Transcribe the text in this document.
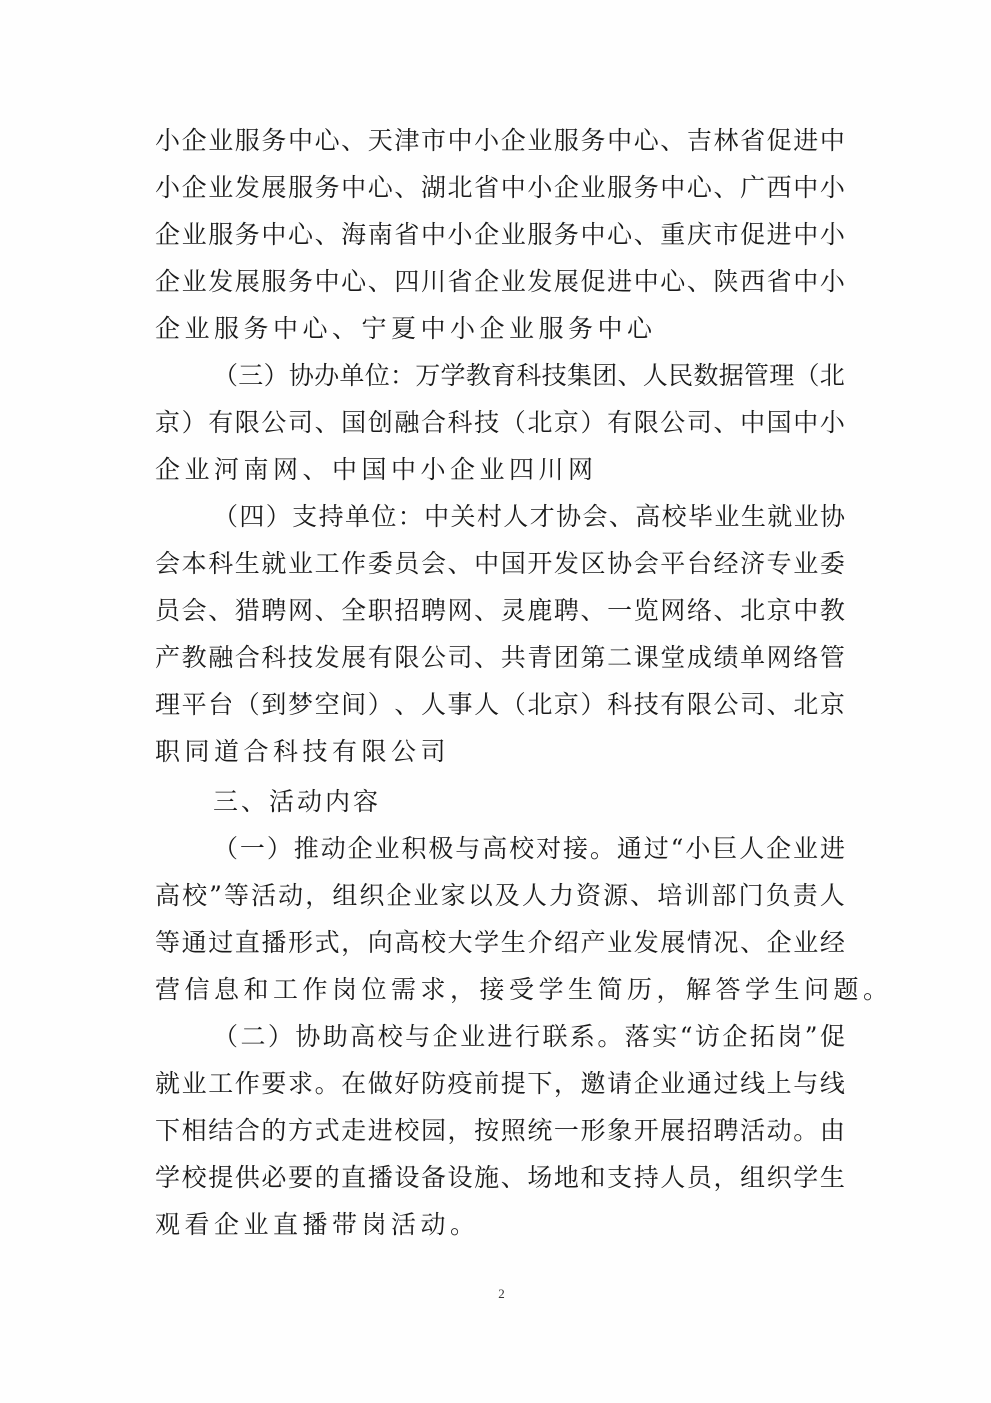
小 企 业 服 务 中 心 、 天 津 市 中 小 企 业 服 务 中 心 、 吉 林 省 促 进 中
小 企 业 发 展 服 务 中 心 、 湖 北 省 中 小 企 业 服 务 中 心 、 广 西 中 小
企 业 服 务 中 心 、 海 南 省 中 小 企 业 服 务 中 心 、 重 庆 市 促 进 中 小
企 业 发 展 服 务 中 心 、 四 川 省 企 业 发 展 促 进 中 心 、 陕 西 省 中 小
企业服务中心、宁夏中小企业服务中心
（ 三 ） 协 办 单 位 ： 万 学 教 育 科 技 集 团 、 人 民 数 据 管 理 （ 北
京 ） 有 限 公 司 、 国 创 融 合 科 技 （ 北 京 ） 有 限 公 司 、 中 国 中 小
企业河南网、中国中小企业四川网
（ 四 ） 支 持 单 位 ： 中 关 村 人 才 协 会 、 高 校 毕 业 生 就 业 协
会 本 科 生 就 业 工 作 委 员 会 、 中 国 开 发 区 协 会 平 台 经 济 专 业 委
员 会 、 猎 聘 网 、 全 职 招 聘 网 、 灵 鹿 聘 、 一 览 网 络 、 北 京 中 教
产 教 融 合 科 技 发 展 有 限 公 司 、 共 青 团 第 二 课 堂 成 绩 单 网 络 管
理 平 台 （ 到 梦 空 间 ） 、 人 事 人 （ 北 京 ） 科 技 有 限 公 司 、 北 京
职同道合科技有限公司
三、活动内容
（ 一 ） 推 动 企 业 积 极 与 高 校 对 接 。 通 过 “ 小 巨 人 企 业 进
高 校 ” 等 活 动 ， 组 织 企 业 家 以 及 人 力 资 源 、 培 训 部 门 负 责 人
等 通 过 直 播 形 式 ， 向 高 校 大 学 生 介 绍 产 业 发 展 情 况 、 企 业 经
营信息和工作岗位需求，接受学生简历，解答学生问题。
（ 二 ） 协 助 高 校 与 企 业 进 行 联 系 。 落 实 “ 访 企 拓 岗 ” 促
就 业 工 作 要 求 。 在 做 好 防 疫 前 提 下 ， 邀 请 企 业 通 过 线 上 与 线
下 相 结 合 的 方 式 走 进 校 园 ， 按 照 统 一 形 象 开 展 招 聘 活 动 。 由
学 校 提 供 必 要 的 直 播 设 备 设 施 、 场 地 和 支 持 人 员 ， 组 织 学 生
观看企业直播带岗活动。
2
